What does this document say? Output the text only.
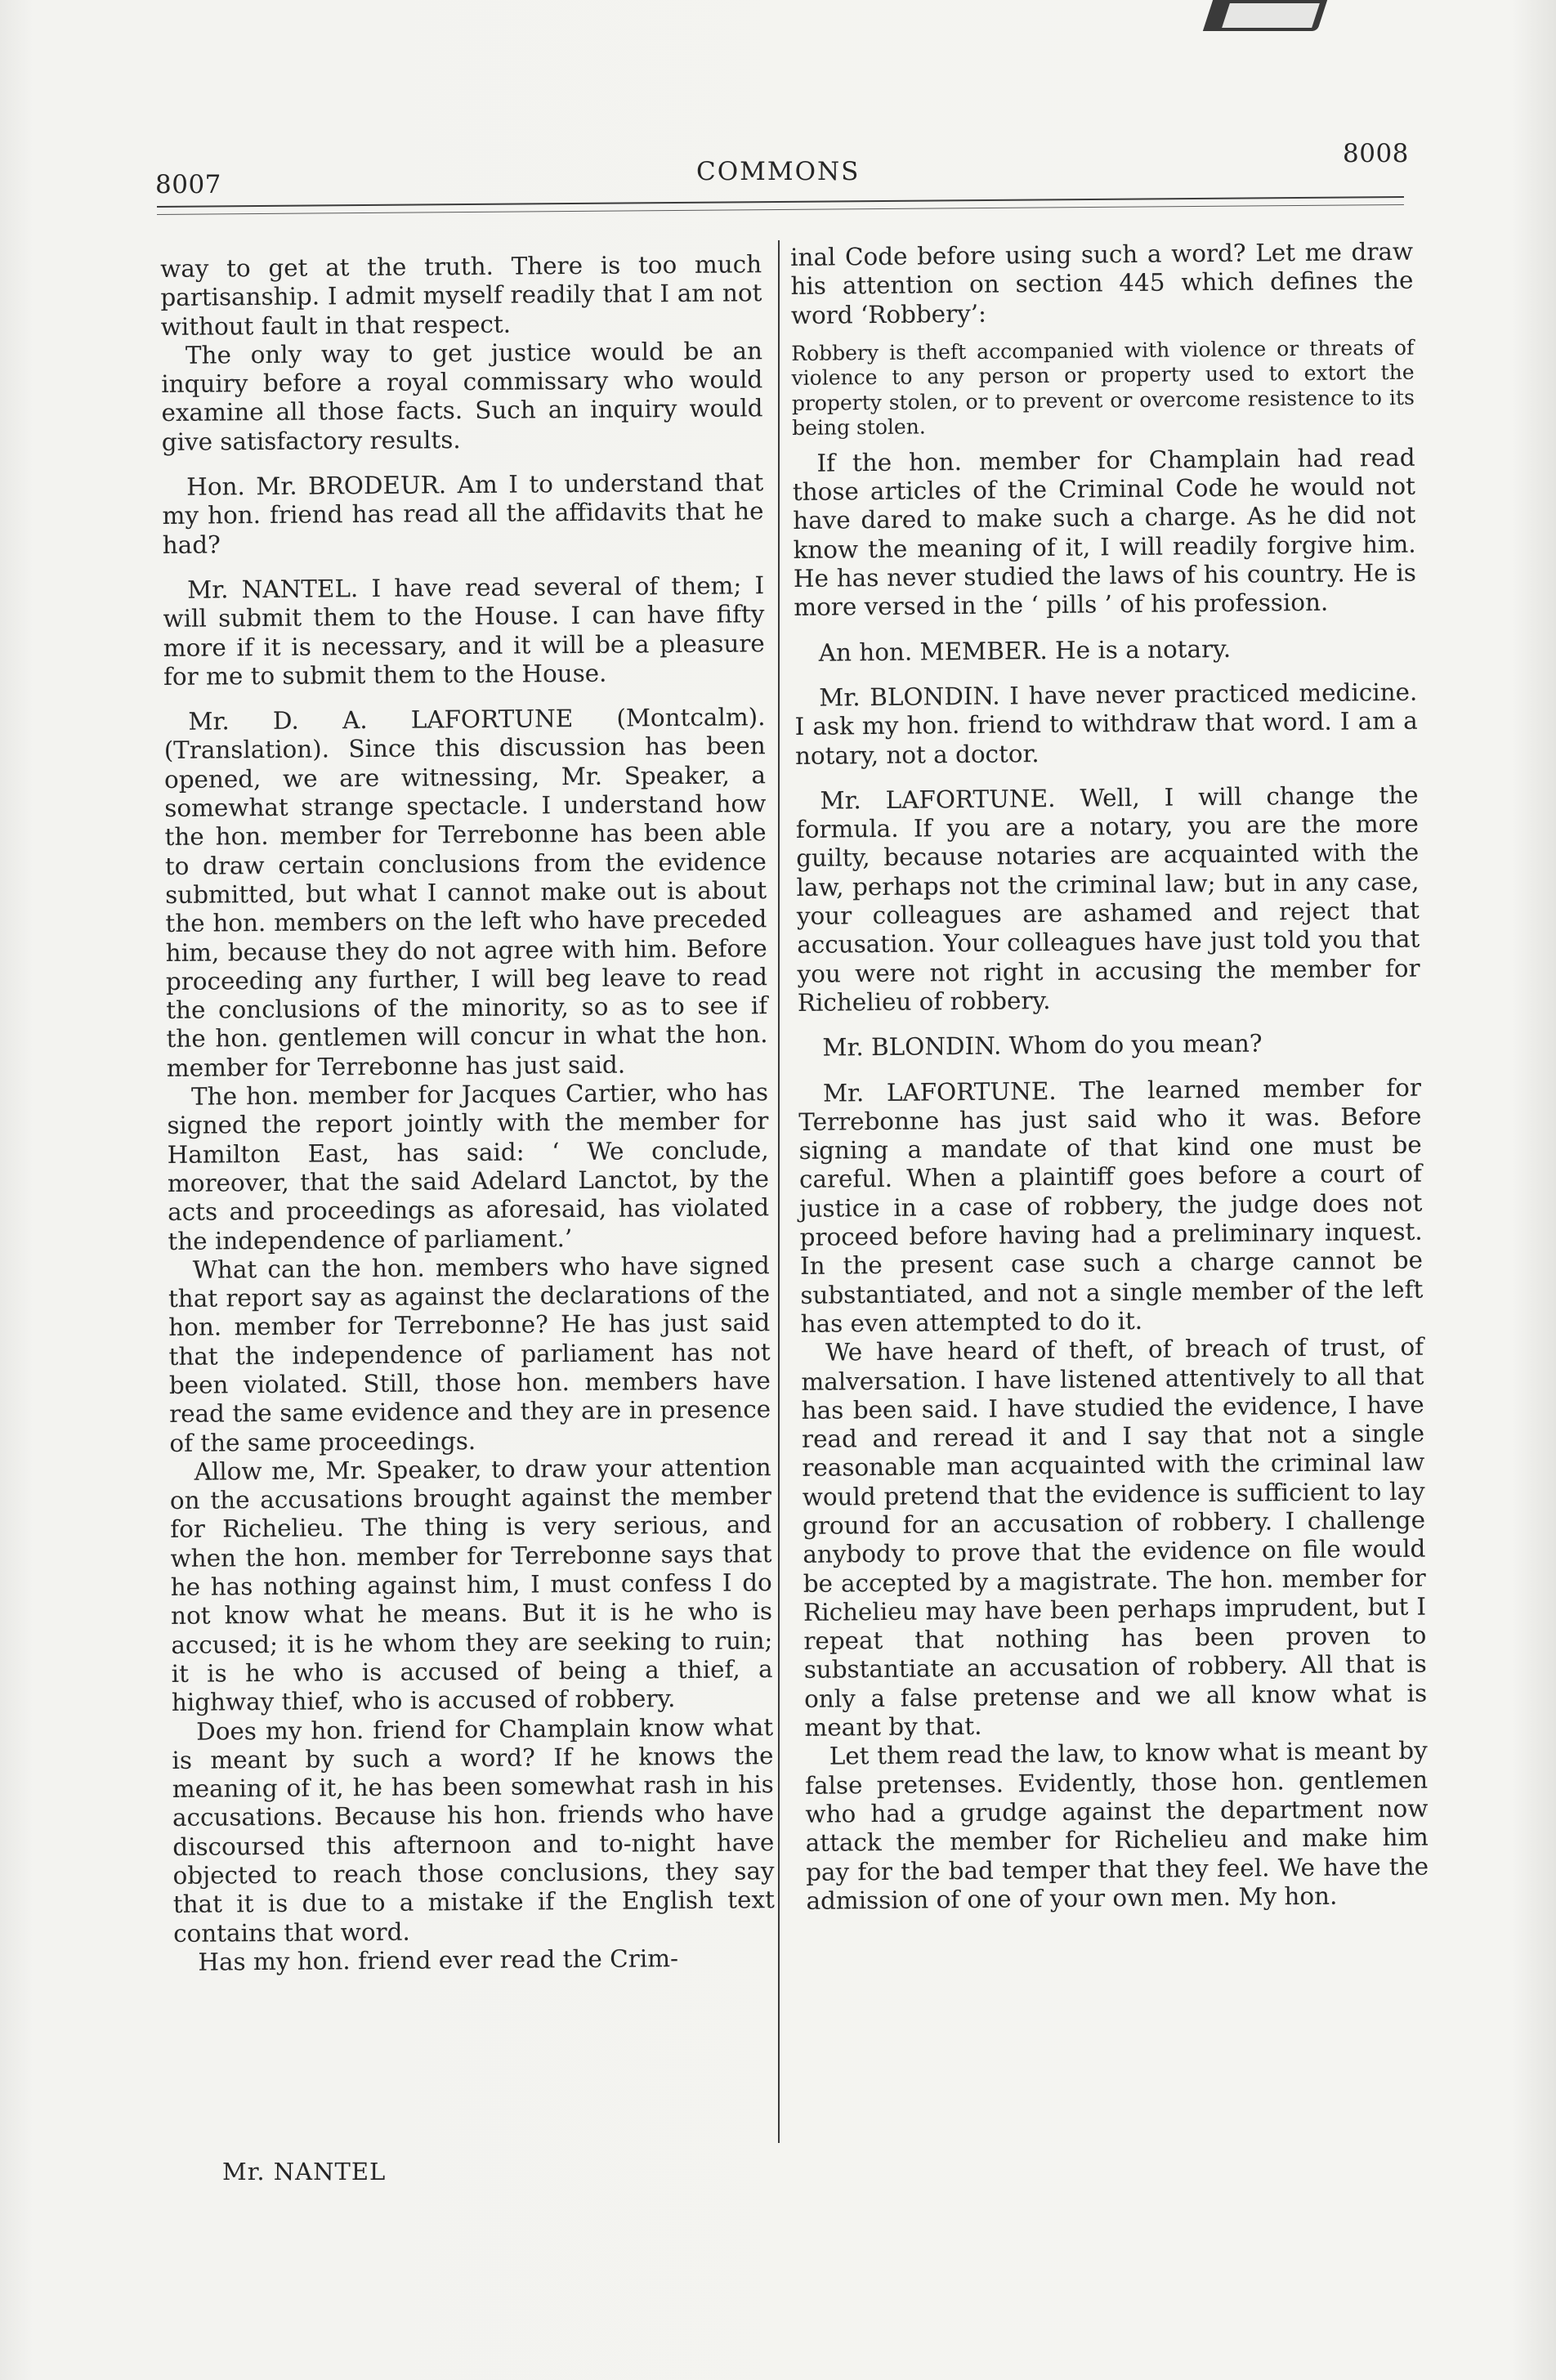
8007	COMMONS
8008

way to get at the truth. There is too much partisanship. I admit myself readily that I am not without fault in that respect.

The only way to get justice would be an inquiry before a royal commissary who would examine all those facts. Such an inquiry would give satisfactory results.

Hon. Mr. BRODEUR. Am I to understand that my hon. friend has read all the affidavits that he had?

Mr. NANTEL. I have read several of them; I will submit them to the House. I can have fifty more if it is necessary, and it will be a pleasure for me to submit them to the House.

Mr. D. A. LAFORTUNE (Montcalm). (Translation). Since this discussion has been opened, we are witnessing, Mr. Speaker, a somewhat strange spectacle. I understand how the hon. member for Terrebonne has been able to draw certain conclusions from the evidence submitted, but what I cannot make out is about the hon. members on the left who have preceded him, because they do not agree with him. Before proceeding any further, I will beg leave to read the conclusions of the minority, so as to see if the hon. gentlemen will concur in what the hon. member for Terrebonne has just said.

The hon. member for Jacques Cartier, who has signed the report jointly with the member for Hamilton East, has said: ‘ We conclude, moreover, that the said Adelard Lanctot, by the acts and proceedings as aforesaid, has violated the independence of parliament.’

What can the hon. members who have signed that report say as against the declarations of the hon. member for Terrebonne? He has just said that the independence of parliament has not been violated. Still, those hon. members have read the same evidence and they are in presence of the same proceedings.

Allow me, Mr. Speaker, to draw your attention on the accusations brought against the member for Richelieu. The thing is very serious, and when the hon. member for Terrebonne says that he has nothing against him, I must confess I do not know what he means. But it is he who is accused; it is he whom they are seeking to ruin; it is he who is accused of being a thief, a highway thief, who is accused of robbery.

Does my hon. friend for Champlain know what is meant by such a word? If he knows the meaning of it, he has been somewhat rash in his accusations. Because his hon. friends who have discoursed this afternoon and to-night have objected to reach those conclusions, they say that it is due to a mistake if the English text contains that word.

Has my hon. friend ever read the Crim-

inal Code before using such a word? Let me draw his attention on section 445 which defines the word ‘Robbery’:

Robbery is theft accompanied with violence or threats of violence to any person or property used to extort the property stolen, or to prevent or overcome resistence to its being stolen.

If the hon. member for Champlain had read those articles of the Criminal Code he would not have dared to make such a charge. As he did not know the meaning of it, I will readily forgive him. He has never studied the laws of his country. He is more versed in the ‘ pills ’ of his profession.

An hon. MEMBER. He is a notary.

Mr. BLONDIN. I have never practiced medicine. I ask my hon. friend to withdraw that word. I am a notary, not a doctor.

Mr. LAFORTUNE. Well, I will change the formula. If you are a notary, you are the more guilty, because notaries are acquainted with the law, perhaps not the criminal law; but in any case, your colleagues are ashamed and reject that accusation. Your colleagues have just told you that you were not right in accusing the member for Richelieu of robbery.

Mr. BLONDIN. Whom do you mean?

Mr. LAFORTUNE. The learned member for Terrebonne has just said who it was. Before signing a mandate of that kind one must be careful. When a plaintiff goes before a court of justice in a case of robbery, the judge does not proceed before having had a preliminary inquest. In the present case such a charge cannot be substantiated, and not a single member of the left has even attempted to do it.

We have heard of theft, of breach of trust, of malversation. I have listened attentively to all that has been said. I have studied the evidence, I have read and reread it and I say that not a single reasonable man acquainted with the criminal law would pretend that the evidence is sufficient to lay ground for an accusation of robbery. I challenge anybody to prove that the evidence on file would be accepted by a magistrate. The hon. member for Richelieu may have been perhaps imprudent, but I repeat that nothing has been proven to substantiate an accusation of robbery. All that is only a false pretense and we all know what is meant by that.

Let them read the law, to know what is meant by false pretenses. Evidently, those hon. gentlemen who had a grudge against the department now attack the member for Richelieu and make him pay for the bad temper that they feel. We have the admission of one of your own men. My hon.

Mr. NANTEL
